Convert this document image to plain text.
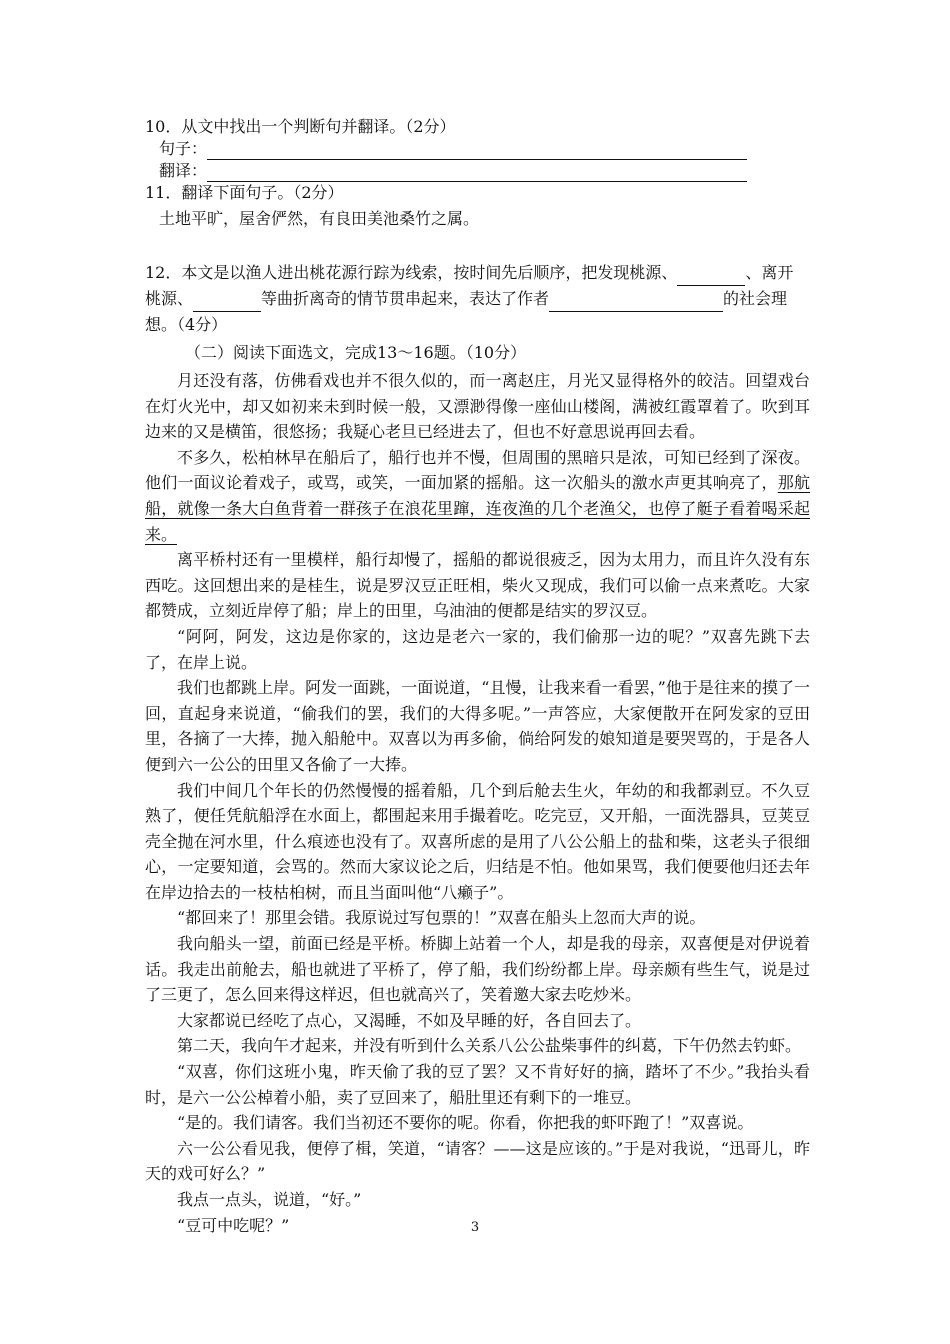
10．从文中找出一个判断句并翻译。（2分）
句子：
翻译：
11．翻译下面句子。（2分）
土地平旷，屋舍俨然，有良田美池桑竹之属。
12．本文是以渔人进出桃花源行踪为线索，按时间先后顺序，把发现桃源、	、离开
桃源、	等曲折离奇的情节贯串起来，表达了作者	的社会理
想。（4分）
（二）阅读下面选文，完成13～16题。（10分）

月还没有落，仿佛看戏也并不很久似的，而一离赵庄，月光又显得格外的皎洁。回望戏台在灯火光中，却又如初来未到时候一般，又漂渺得像一座仙山楼阁，满被红霞罩着了。吹到耳边来的又是横笛，很悠扬；我疑心老旦已经进去了，但也不好意思说再回去看。

不多久，松柏林早在船后了，船行也并不慢，但周围的黑暗只是浓，可知已经到了深夜。他们一面议论着戏子，或骂，或笑，一面加紧的摇船。这一次船头的激水声更其响亮了，那航船，就像一条大白鱼背着一群孩子在浪花里蹿，连夜渔的几个老渔父，也停了艇子看着喝采起来。

离平桥村还有一里模样，船行却慢了，摇船的都说很疲乏，因为太用力，而且许久没有东西吃。这回想出来的是桂生，说是罗汉豆正旺相，柴火又现成，我们可以偷一点来煮吃。大家都赞成，立刻近岸停了船；岸上的田里，乌油油的便都是结实的罗汉豆。

“阿阿，阿发，这边是你家的，这边是老六一家的，我们偷那一边的呢？”双喜先跳下去了，在岸上说。

我们也都跳上岸。阿发一面跳，一面说道，“且慢，让我来看一看罢，”他于是往来的摸了一回，直起身来说道，“偷我们的罢，我们的大得多呢。”一声答应，大家便散开在阿发家的豆田里，各摘了一大捧，抛入船舱中。双喜以为再多偷，倘给阿发的娘知道是要哭骂的，于是各人便到六一公公的田里又各偷了一大捧。

我们中间几个年长的仍然慢慢的摇着船，几个到后舱去生火，年幼的和我都剥豆。不久豆熟了，便任凭航船浮在水面上，都围起来用手撮着吃。吃完豆，又开船，一面洗器具，豆荚豆壳全抛在河水里，什么痕迹也没有了。双喜所虑的是用了八公公船上的盐和柴，这老头子很细心，一定要知道，会骂的。然而大家议论之后，归结是不怕。他如果骂，我们便要他归还去年在岸边拾去的一枝枯桕树，而且当面叫他“八癞子”。

“都回来了！那里会错。我原说过写包票的！”双喜在船头上忽而大声的说。

我向船头一望，前面已经是平桥。桥脚上站着一个人，却是我的母亲，双喜便是对伊说着话。我走出前舱去，船也就进了平桥了，停了船，我们纷纷都上岸。母亲颇有些生气，说是过了三更了，怎么回来得这样迟，但也就高兴了，笑着邀大家去吃炒米。

大家都说已经吃了点心，又渴睡，不如及早睡的好，各自回去了。

第二天，我向午才起来，并没有听到什么关系八公公盐柴事件的纠葛，下午仍然去钓虾。

“双喜，你们这班小鬼，昨天偷了我的豆了罢？又不肯好好的摘，踏坏了不少。”我抬头看时，是六一公公棹着小船，卖了豆回来了，船肚里还有剩下的一堆豆。

“是的。我们请客。我们当初还不要你的呢。你看，你把我的虾吓跑了！”双喜说。

六一公公看见我，便停了楫，笑道，“请客？——这是应该的。”于是对我说，“迅哥儿，昨天的戏可好么？”

我点一点头，说道，“好。”

“豆可中吃呢？”	3
